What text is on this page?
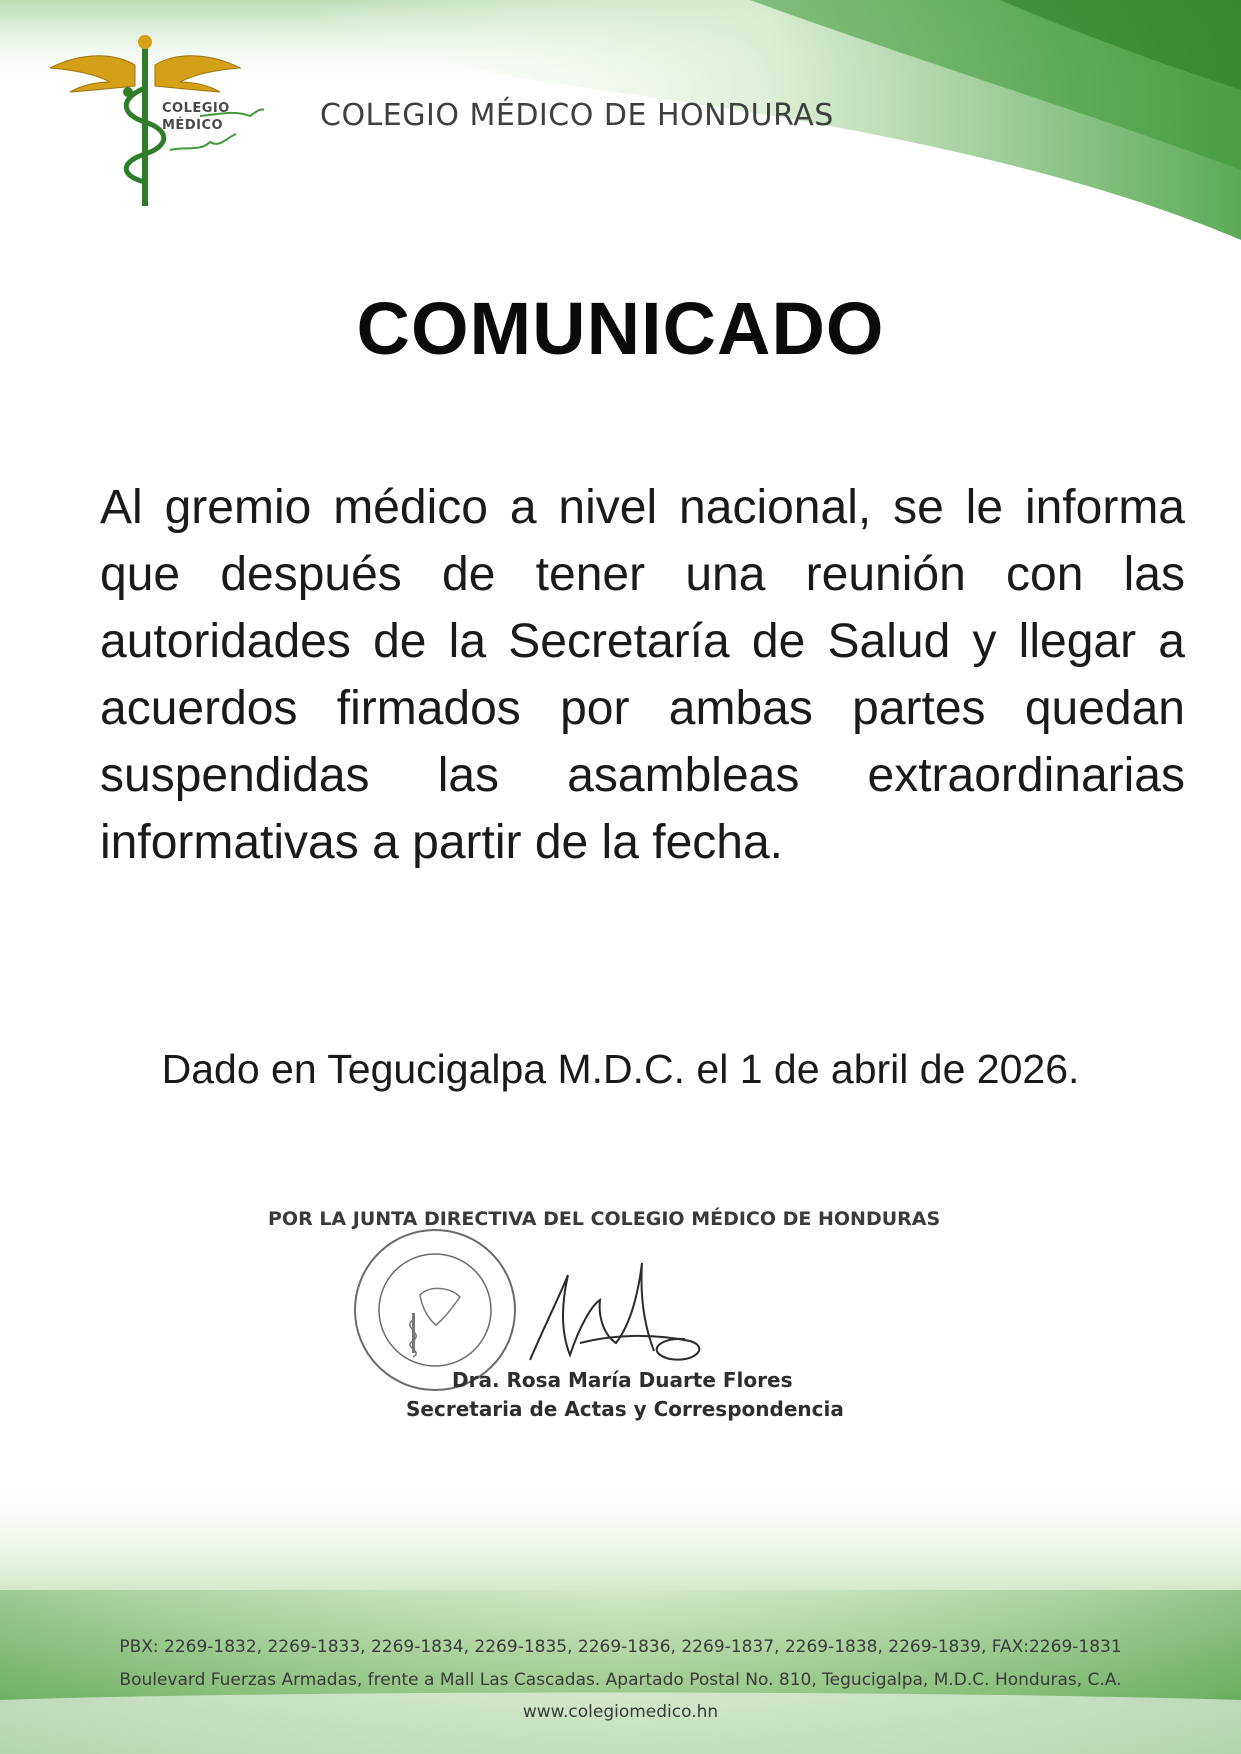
COLEGIO
MÉDICO	COLEGIO MÉDICO DE HONDURAS
COMUNICADO
Al gremio médico a nivel nacional, se le informa que después de tener una reunión con las autoridades de la Secretaría de Salud y llegar a acuerdos firmados por ambas partes quedan suspendidas las asambleas extraordinarias informativas a partir de la fecha.
Dado en Tegucigalpa M.D.C. el 1 de abril de 2026.
POR LA JUNTA DIRECTIVA DEL COLEGIO MÉDICO DE HONDURAS
Dra. Rosa María Duarte Flores
Secretaria de Actas y Correspondencia
PBX: 2269-1832, 2269-1833, 2269-1834, 2269-1835, 2269-1836, 2269-1837, 2269-1838, 2269-1839, FAX:2269-1831
Boulevard Fuerzas Armadas, frente a Mall Las Cascadas. Apartado Postal No. 810, Tegucigalpa, M.D.C. Honduras, C.A.
www.colegiomedico.hn
